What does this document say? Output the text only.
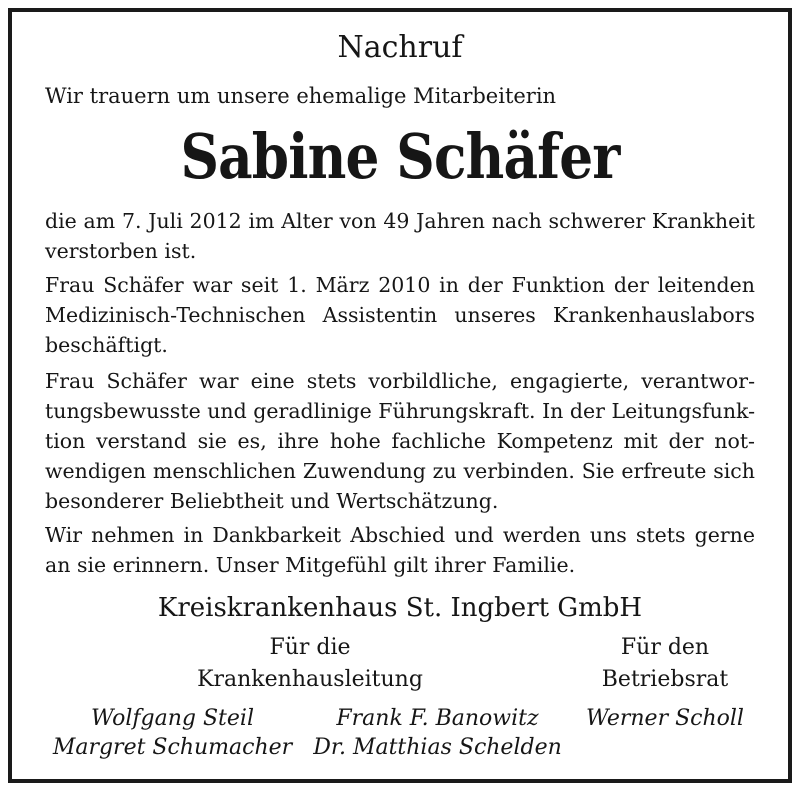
Nachruf
Wir trauern um unsere ehemalige Mitarbeiterin
Sabine Schäfer
die am 7. Juli 2012 im Alter von 49 Jahren nach schwerer Krankheit
verstorben ist.
Frau Schäfer war seit 1. März 2010 in der Funktion der leitenden
Medizinisch-Technischen Assistentin unseres Krankenhauslabors
beschäftigt.
Frau Schäfer war eine stets vorbildliche, engagierte, verantwor-
tungsbewusste und geradlinige Führungskraft. In der Leitungsfunk-
tion verstand sie es, ihre hohe fachliche Kompetenz mit der not-
wendigen menschlichen Zuwendung zu verbinden. Sie erfreute sich
besonderer Beliebtheit und Wertschätzung.
Wir nehmen in Dankbarkeit Abschied und werden uns stets gerne
an sie erinnern. Unser Mitgefühl gilt ihrer Familie.
Kreiskrankenhaus St. Ingbert GmbH
Für die
Krankenhausleitung
Für den
Betriebsrat
Wolfgang Steil
Margret Schumacher
Frank F. Banowitz
Dr. Matthias Schelden
Werner Scholl
